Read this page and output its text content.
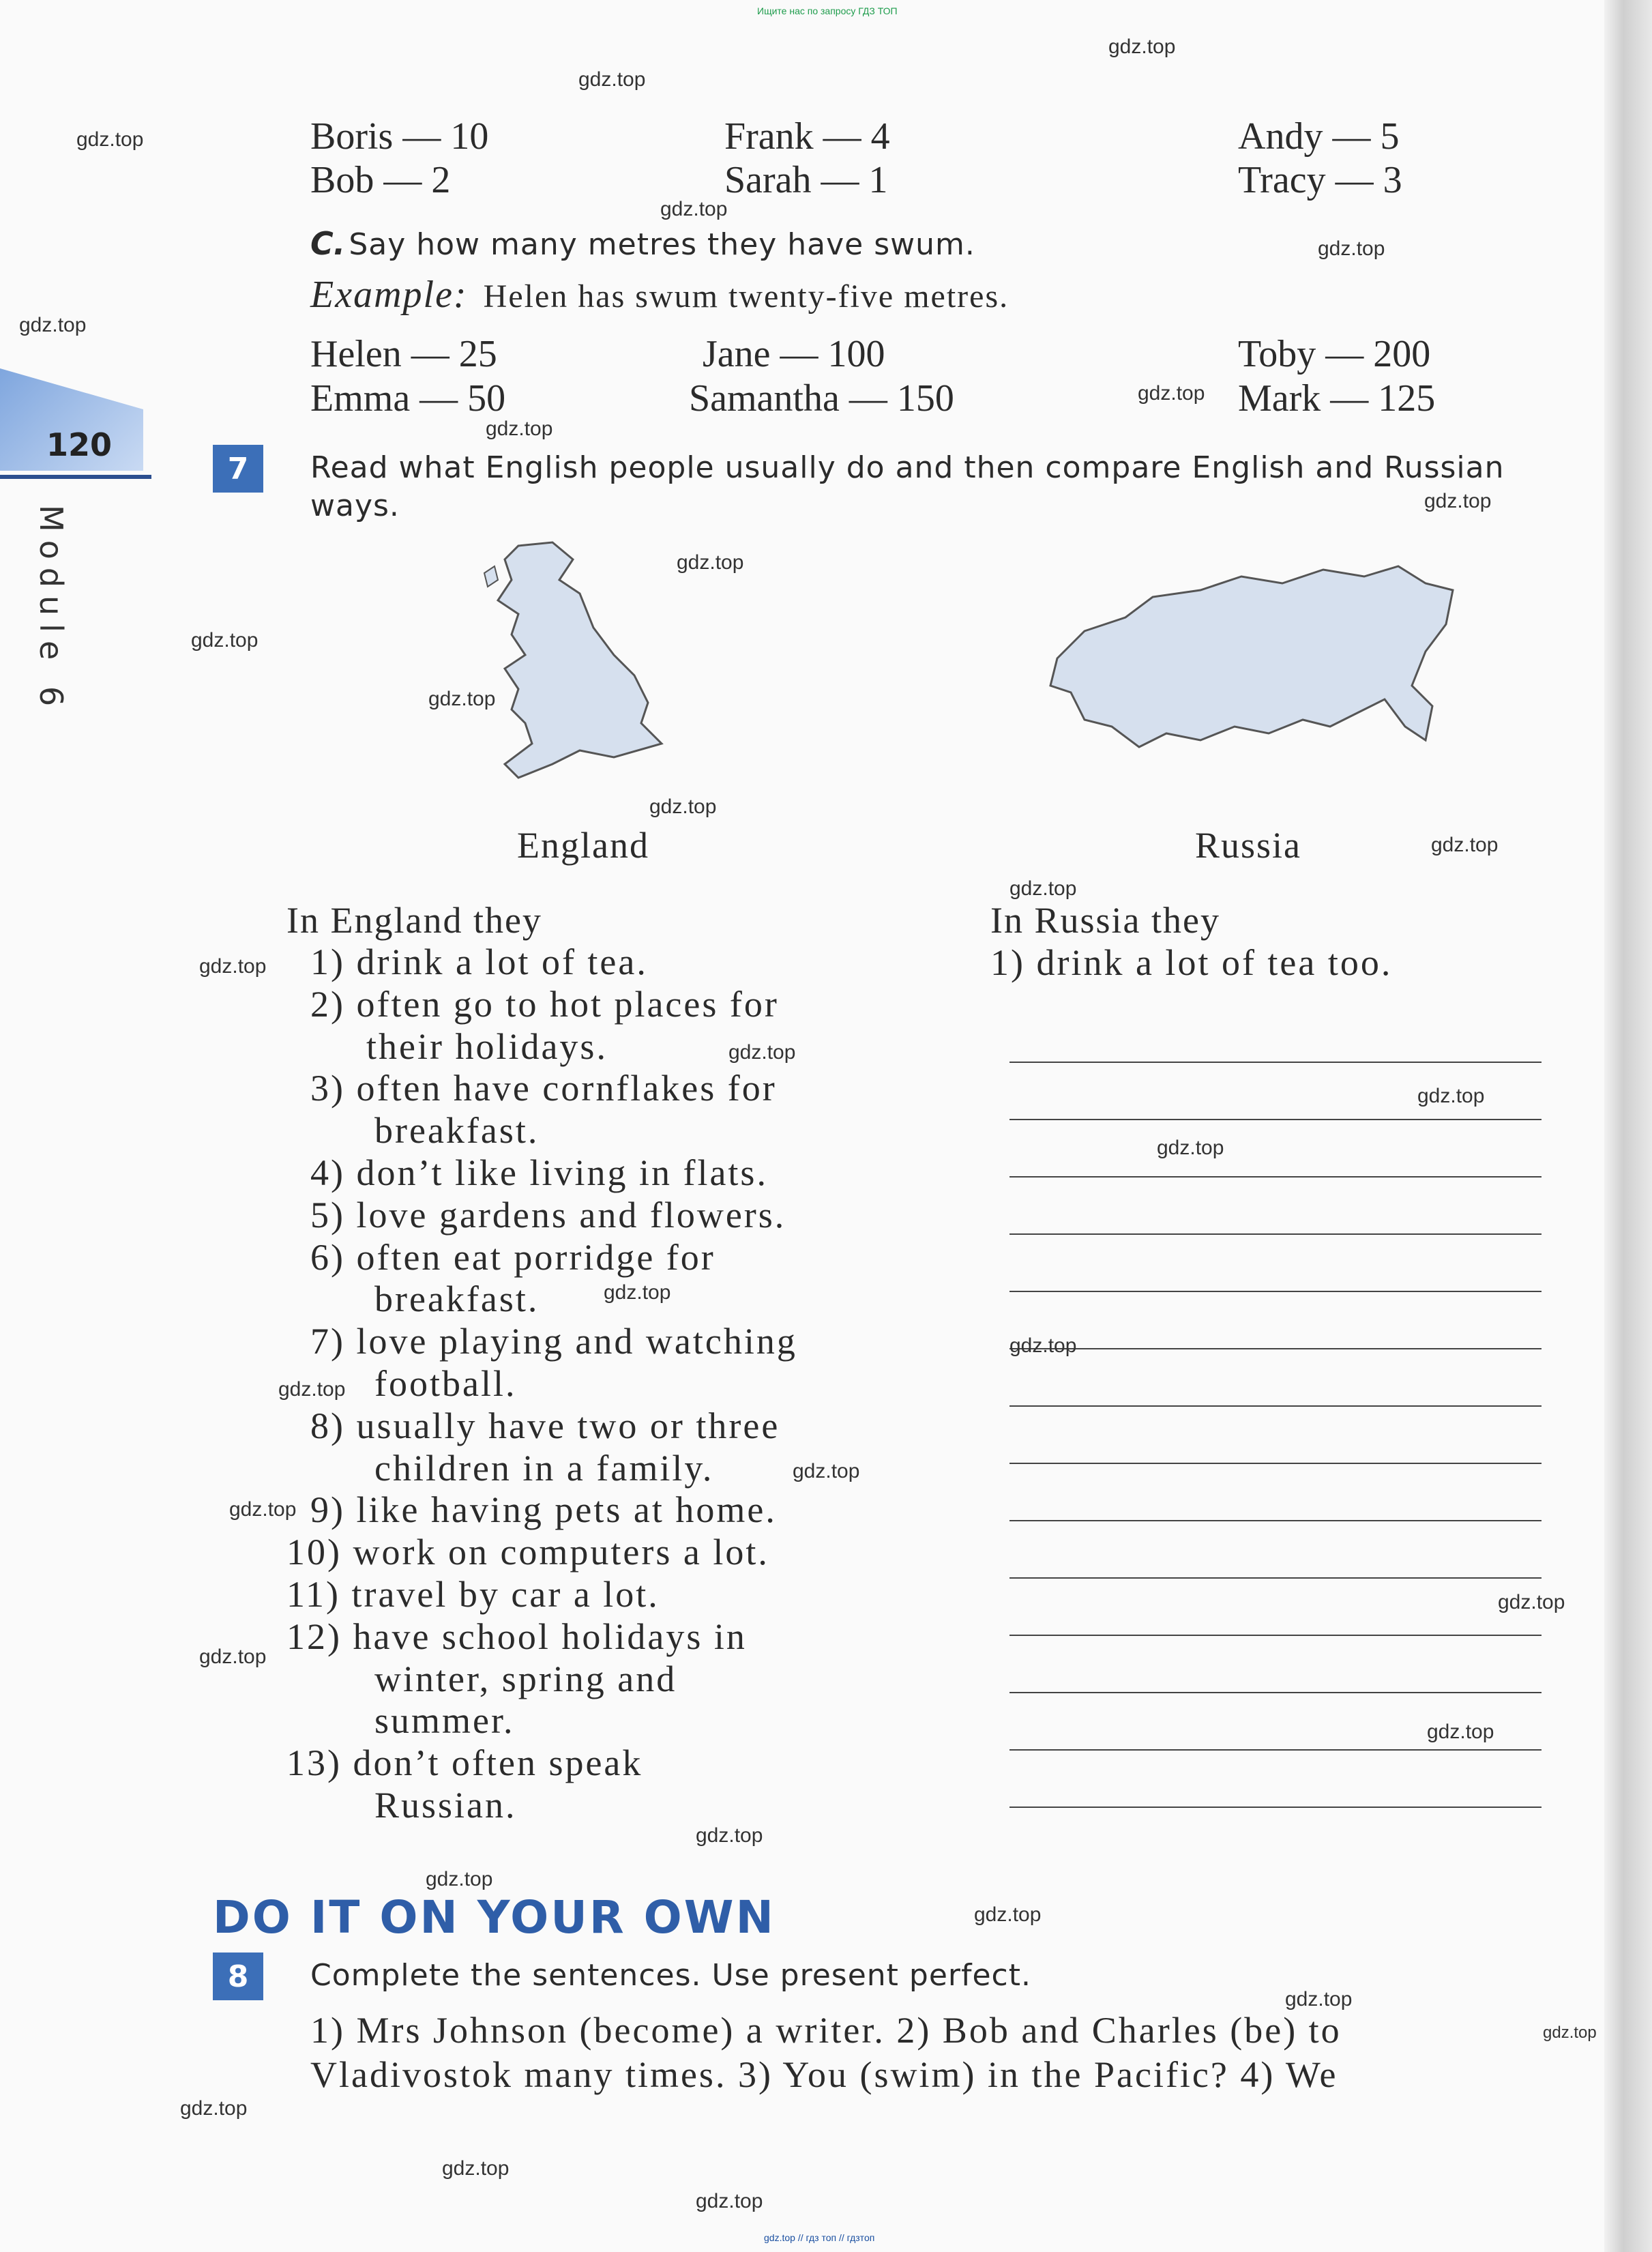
Ищите нас по запросу ГДЗ ТОП
120
Module 6
Boris — 10	Frank — 4	Andy — 5
Bob — 2	Sarah — 1	Tracy — 3
C. Say how many metres they have swum.
Example: Helen has swum twenty-five metres.
Helen — 25	Jane — 100	Toby — 200
Emma — 50	Samantha — 150	Mark — 125
7	Read what English people usually do and then compare English and Russian
ways.
England	Russia
In England they
1) drink a lot of tea.
2) often go to hot places for
their holidays.
3) often have cornflakes for
breakfast.
4) don’t like living in flats.
5) love gardens and flowers.
6) often eat porridge for
breakfast.
7) love playing and watching
football.
8) usually have two or three
children in a family.
9) like having pets at home.
10) work on computers a lot.
11) travel by car a lot.
12) have school holidays in
winter, spring and
summer.
13) don’t often speak
Russian.
In Russia they
1) drink a lot of tea too.
DO IT ON YOUR OWN
8	Complete the sentences. Use present perfect.
1) Mrs Johnson (become) a writer. 2) Bob and Charles (be) to
Vladivostok many times. 3) You (swim) in the Pacific? 4) We
gdz.top
gdz.top
gdz.top
gdz.top
gdz.top
gdz.top
gdz.top
gdz.top
gdz.top
gdz.top
gdz.top
gdz.top
gdz.top
gdz.top
gdz.top
gdz.top
gdz.top
gdz.top
gdz.top
gdz.top
gdz.top
gdz.top
gdz.top
gdz.top
gdz.top
gdz.top
gdz.top
gdz.top
gdz.top
gdz.top
gdz.top
gdz.top
gdz.top
gdz.top
gdz.top
gdz.top // гдз топ // гдзтоп
